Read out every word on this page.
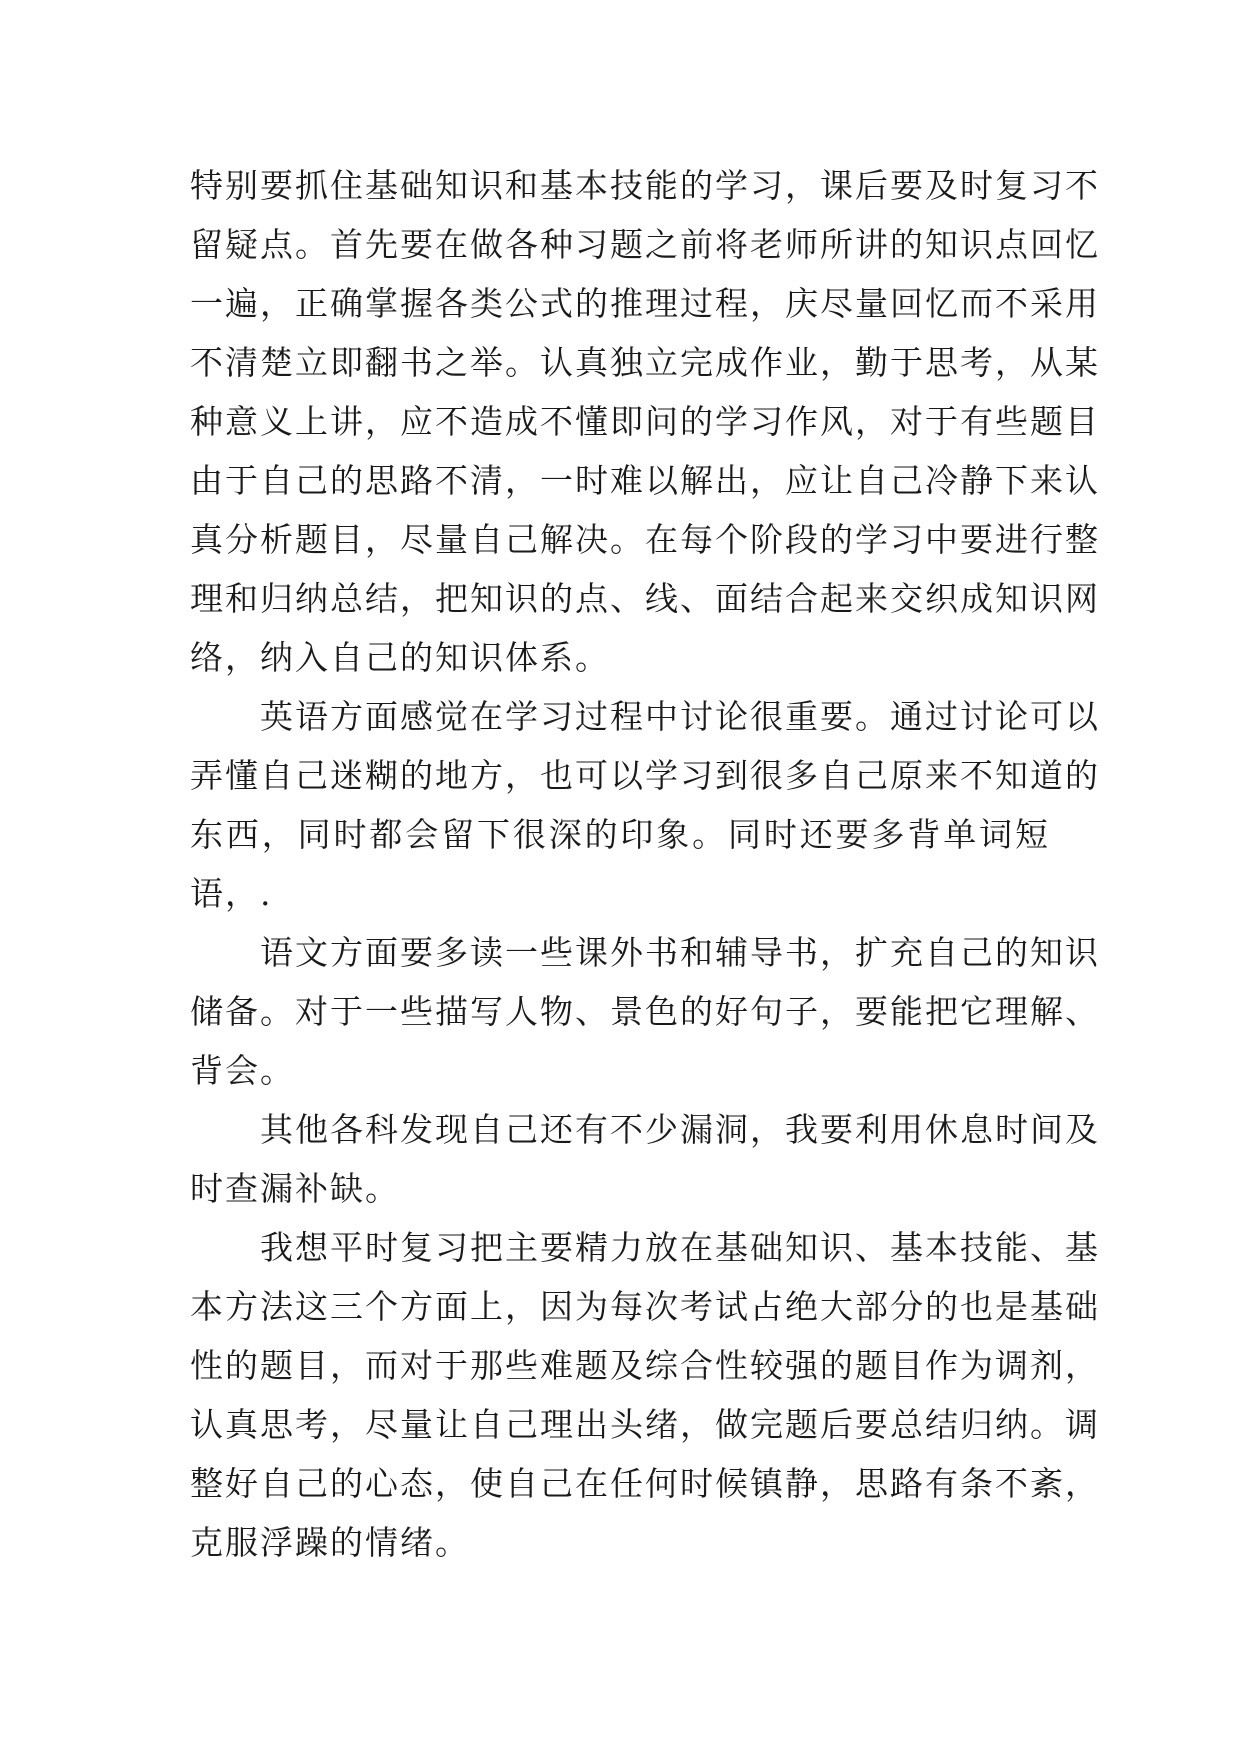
特别要抓住基础知识和基本技能的学习，课后要及时复习不
留疑点。首先要在做各种习题之前将老师所讲的知识点回忆
一遍，正确掌握各类公式的推理过程，庆尽量回忆而不采用
不清楚立即翻书之举。认真独立完成作业，勤于思考，从某
种意义上讲，应不造成不懂即问的学习作风，对于有些题目
由于自己的思路不清，一时难以解出，应让自己冷静下来认
真分析题目，尽量自己解决。在每个阶段的学习中要进行整
理和归纳总结，把知识的点、线、面结合起来交织成知识网
络，纳入自己的知识体系。
英语方面感觉在学习过程中讨论很重要。通过讨论可以
弄懂自己迷糊的地方，也可以学习到很多自己原来不知道的
东西，同时都会留下很深的印象。同时还要多背单词短
语，.
语文方面要多读一些课外书和辅导书，扩充自己的知识
储备。对于一些描写人物、景色的好句子，要能把它理解、
背会。
其他各科发现自己还有不少漏洞，我要利用休息时间及
时查漏补缺。
我想平时复习把主要精力放在基础知识、基本技能、基
本方法这三个方面上，因为每次考试占绝大部分的也是基础
性的题目，而对于那些难题及综合性较强的题目作为调剂，
认真思考，尽量让自己理出头绪，做完题后要总结归纳。调
整好自己的心态，使自己在任何时候镇静，思路有条不紊，
克服浮躁的情绪。
